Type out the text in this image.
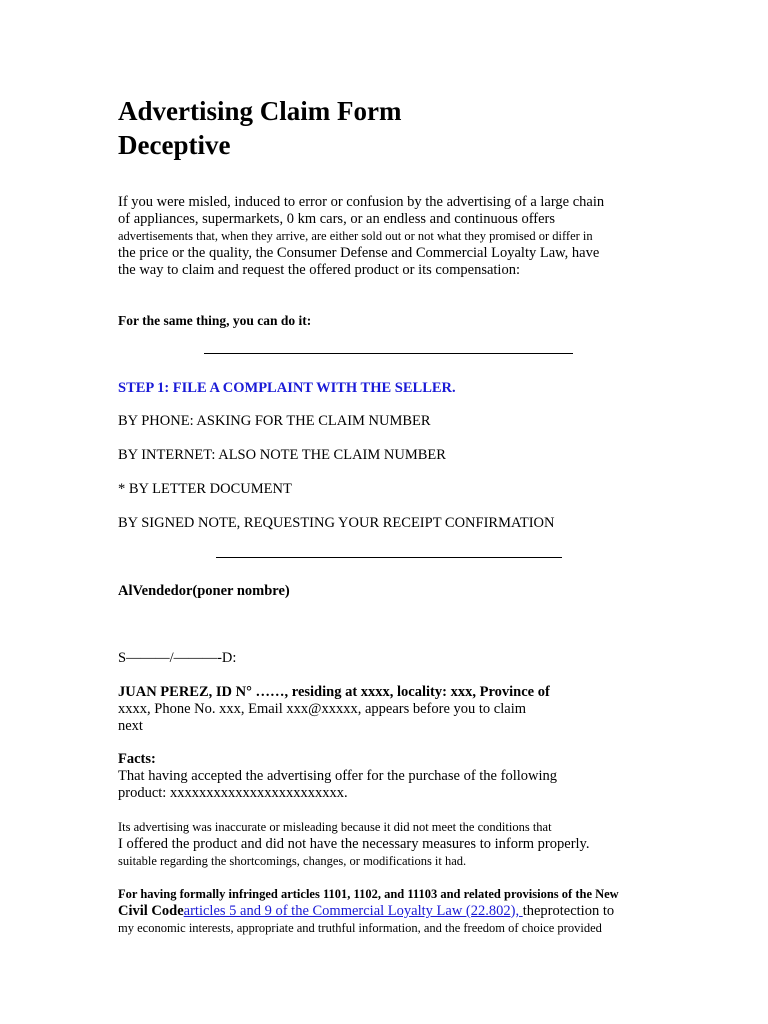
Advertising Claim Form
Deceptive
If you were misled, induced to error or confusion by the advertising of a large chain
of appliances, supermarkets, 0 km cars, or an endless and continuous offers
advertisements that, when they arrive, are either sold out or not what they promised or differ in
the price or the quality, the Consumer Defense and Commercial Loyalty Law, have
the way to claim and request the offered product or its compensation:
For the same thing, you can do it:
STEP 1: FILE A COMPLAINT WITH THE SELLER.
BY PHONE: ASKING FOR THE CLAIM NUMBER
BY INTERNET: ALSO NOTE THE CLAIM NUMBER
* BY LETTER DOCUMENT
BY SIGNED NOTE, REQUESTING YOUR RECEIPT CONFIRMATION
AlVendedor(poner nombre)
S———/———-D:
JUAN PEREZ, ID N° ……, residing at xxxx, locality: xxx, Province of
xxxx, Phone No. xxx, Email xxx@xxxxx, appears before you to claim
next
Facts:
That having accepted the advertising offer for the purchase of the following
product: xxxxxxxxxxxxxxxxxxxxxxxx.
Its advertising was inaccurate or misleading because it did not meet the conditions that
I offered the product and did not have the necessary measures to inform properly.
suitable regarding the shortcomings, changes, or modifications it had.
For having formally infringed articles 1101, 1102, and 11103 and related provisions of the New
Civil Codearticles 5 and 9 of the Commercial Loyalty Law (22.802), theprotection to
my economic interests, appropriate and truthful information, and the freedom of choice provided
